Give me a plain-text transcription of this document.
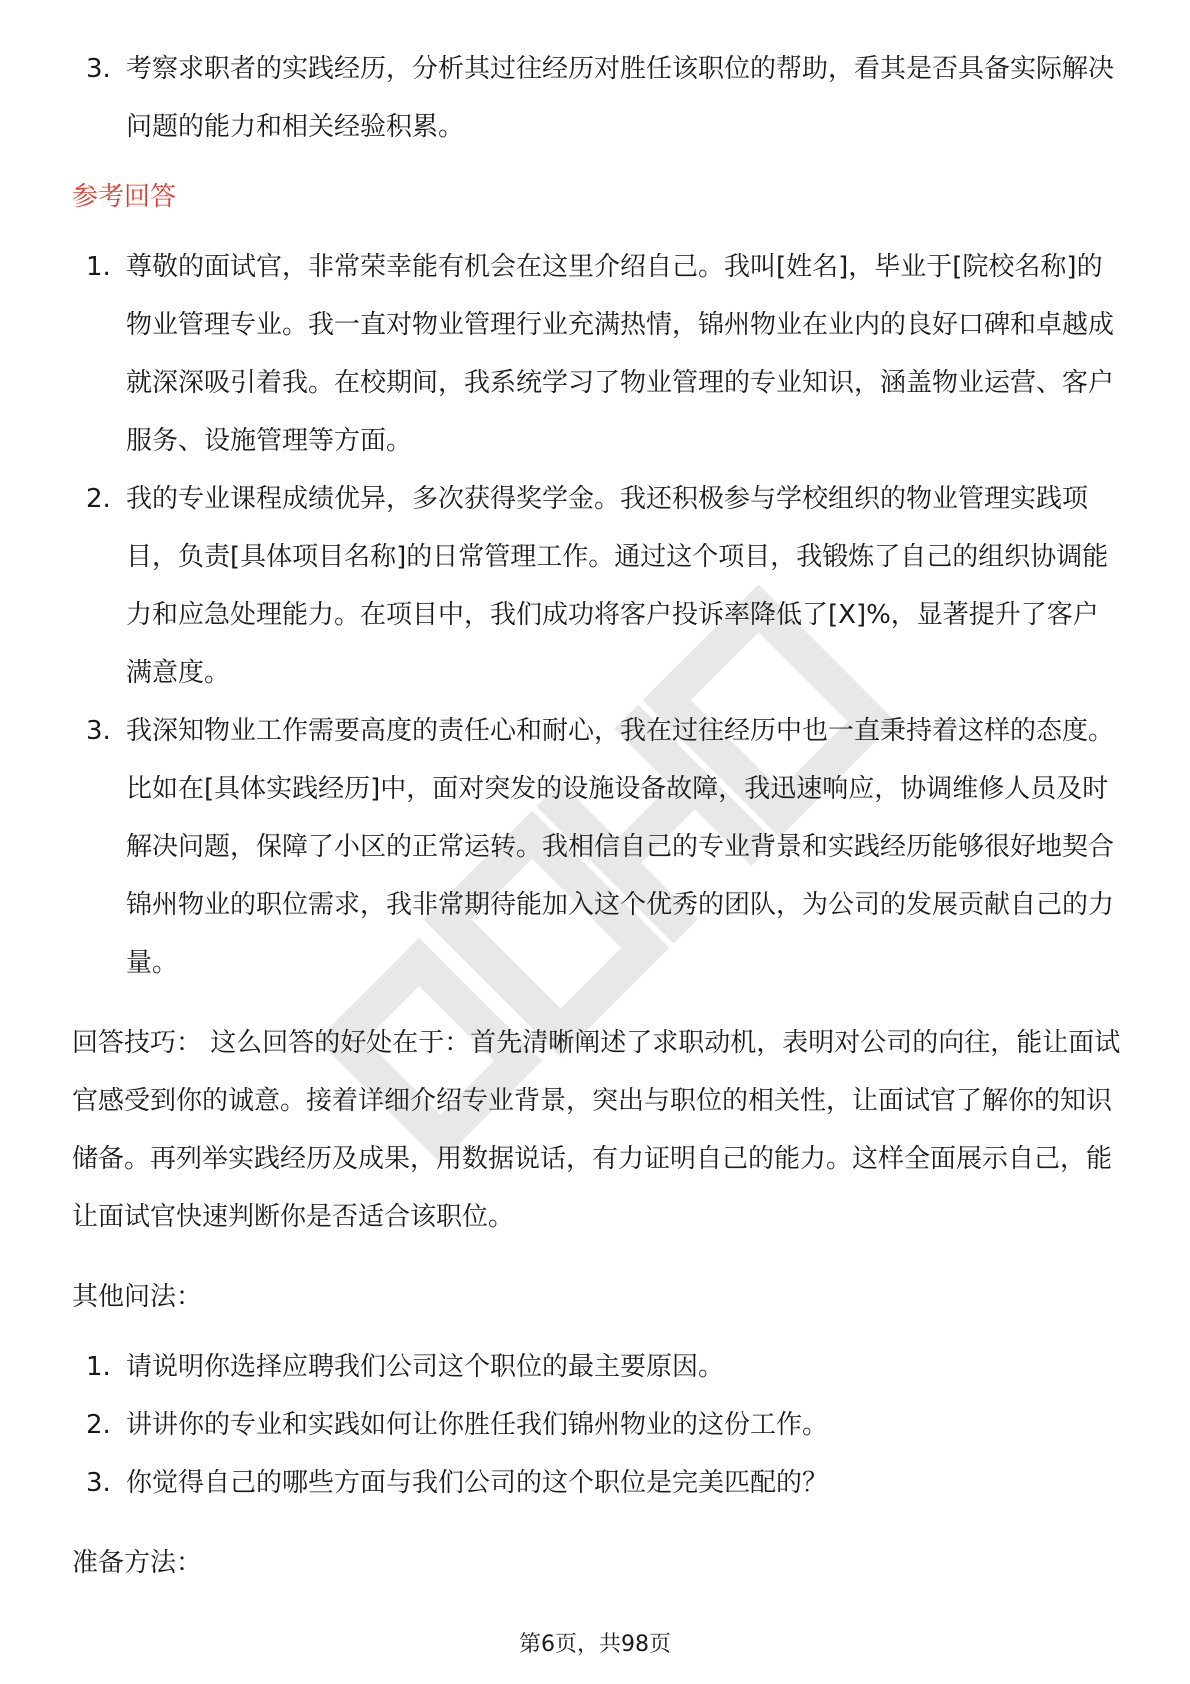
3. 考察求职者的实践经历，分析其过往经历对胜任该职位的帮助，看其是否具备实际解决问题的能力和相关经验积累。
参考回答
1. 尊敬的面试官，非常荣幸能有机会在这里介绍自己。我叫[姓名]，毕业于[院校名称]的物业管理专业。我一直对物业管理行业充满热情，锦州物业在业内的良好口碑和卓越成就深深吸引着我。在校期间，我系统学习了物业管理的专业知识，涵盖物业运营、客户服务、设施管理等方面。
2. 我的专业课程成绩优异，多次获得奖学金。我还积极参与学校组织的物业管理实践项目，负责[具体项目名称]的日常管理工作。通过这个项目，我锻炼了自己的组织协调能力和应急处理能力。在项目中，我们成功将客户投诉率降低了[X]%，显著提升了客户满意度。
3. 我深知物业工作需要高度的责任心和耐心，我在过往经历中也一直秉持着这样的态度。比如在[具体实践经历]中，面对突发的设施设备故障，我迅速响应，协调维修人员及时解决问题，保障了小区的正常运转。我相信自己的专业背景和实践经历能够很好地契合锦州物业的职位需求，我非常期待能加入这个优秀的团队，为公司的发展贡献自己的力量。

回答技巧： 这么回答的好处在于：首先清晰阐述了求职动机，表明对公司的向往，能让面试官感受到你的诚意。接着详细介绍专业背景，突出与职位的相关性，让面试官了解你的知识储备。再列举实践经历及成果，用数据说话，有力证明自己的能力。这样全面展示自己，能让面试官快速判断你是否适合该职位。

其他问法：
1. 请说明你选择应聘我们公司这个职位的最主要原因。
2. 讲讲你的专业和实践如何让你胜任我们锦州物业的这份工作。
3. 你觉得自己的哪些方面与我们公司的这个职位是完美匹配的？
准备方法：
第6页，共98页
